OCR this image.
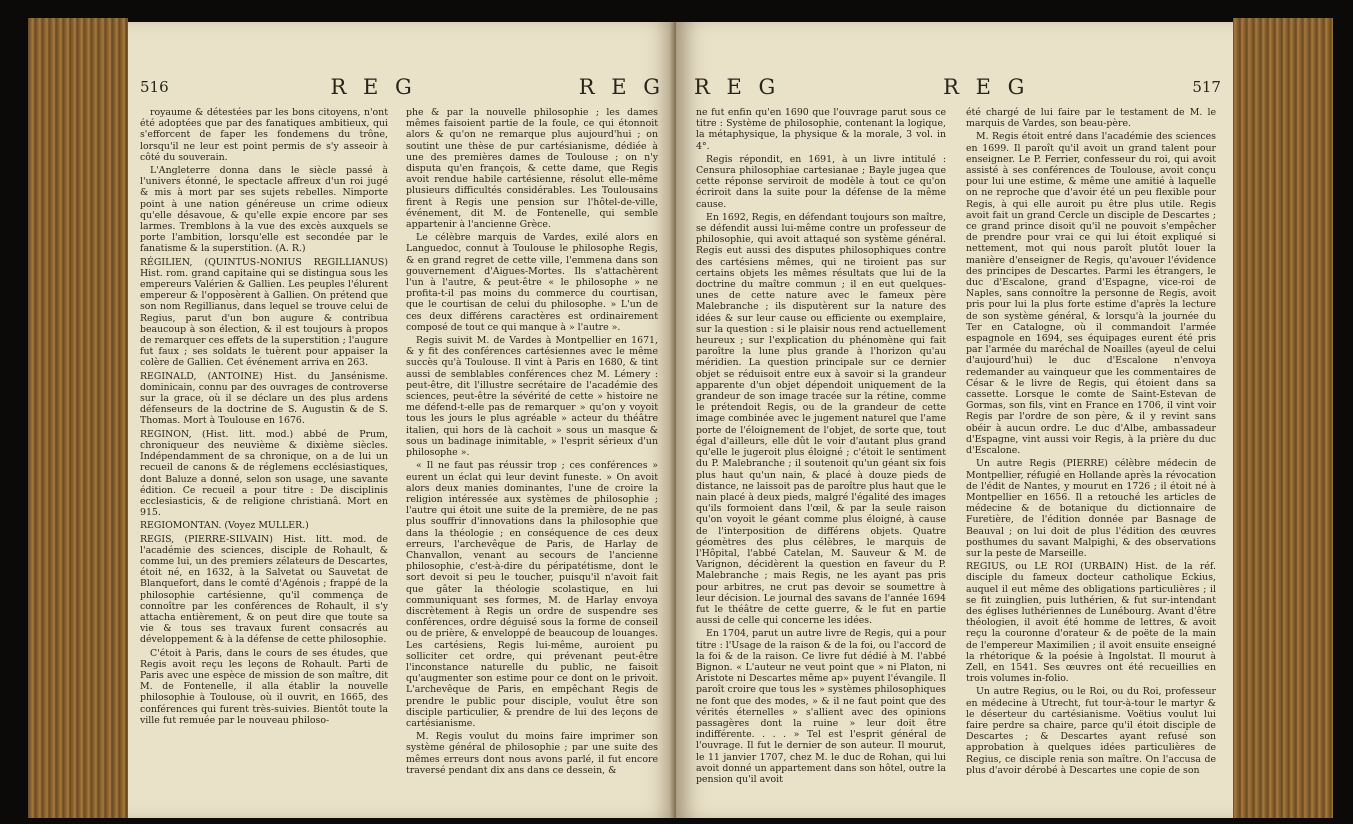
516	R E G	R E G

royaume & détestées par les bons citoyens, n'ont été adoptées que par des fanatiques ambitieux, qui s'efforcent de faper les fondemens du trône, lorsqu'il ne leur est point permis de s'y asseoir à côté du souverain.

L'Angleterre donna dans le siècle passé à l'univers étonné, le spectacle affreux d'un roi jugé & mis à mort par ses sujets rebelles. Nimporte point à une nation généreuse un crime odieux qu'elle désavoue, & qu'elle expie encore par ses larmes. Tremblons à la vue des excès auxquels se porte l'ambition, lorsqu'elle est secondée par le fanatisme & la superstition. (A. R.)

RÉGILIEN, (QUINTUS-NONIUS REGILLIANUS) Hist. rom. grand capitaine qui se distingua sous les empereurs Valérien & Gallien. Les peuples l'élurent empereur & l'opposèrent à Gallien. On prétend que son nom Regillianus, dans lequel se trouve celui de Regius, parut d'un bon augure & contribua beaucoup à son élection, & il est toujours à propos de remarquer ces effets de la superstition ; l'augure fut faux ; ses soldats le tuèrent pour appaiser la colère de Gallien. Cet événement arriva en 263.

REGINALD, (ANTOINE) Hist. du Jansénisme. dominicain, connu par des ouvrages de controverse sur la grace, où il se déclare un des plus ardens défenseurs de la doctrine de S. Augustin & de S. Thomas. Mort à Toulouse en 1676.

REGINON, (Hist. litt. mod.) abbé de Prum, chroniqueur des neuvième & dixième siècles. Indépendamment de sa chronique, on a de lui un recueil de canons & de réglemens ecclésiastiques, dont Baluze a donné, selon son usage, une savante édition. Ce recueil a pour titre : De disciplinis ecclesiasticis, & de religione christianâ. Mort en 915.

REGIOMONTAN. (Voyez MULLER.)

REGIS, (PIERRE-SILVAIN) Hist. litt. mod. de l'académie des sciences, disciple de Rohault, & comme lui, un des premiers zélateurs de Descartes, étoit né, en 1632, à la Salvetat ou Sauvetat de Blanquefort, dans le comté d'Agénois ; frappé de la philosophie cartésienne, qu'il commença de connoître par les conférences de Rohault, il s'y attacha entièrement, & on peut dire que toute sa vie & tous ses travaux furent consacrés au développement & à la défense de cette philosophie.

C'étoit à Paris, dans le cours de ses études, que Regis avoit reçu les leçons de Rohault. Parti de Paris avec une espèce de mission de son maître, dit M. de Fontenelle, il alla établir la nouvelle philosophie à Toulouse, où il ouvrit, en 1665, des conférences qui furent très-suivies. Bientôt toute la ville fut remuée par le nouveau philoso-

phe & par la nouvelle philosophie ; les dames mêmes faisoient partie de la foule, ce qui étonnoit alors & qu'on ne remarque plus aujourd'hui ; on soutint une thèse de pur cartésianisme, dédiée à une des premières dames de Toulouse ; on n'y disputa qu'en françois, & cette dame, que Regis avoit rendue habile cartésienne, résolut elle-même plusieurs difficultés considérables. Les Toulousains firent à Regis une pension sur l'hôtel-de-ville, événement, dit M. de Fontenelle, qui semble appartenir à l'ancienne Grèce.

Le célèbre marquis de Vardes, exilé alors en Languedoc, connut à Toulouse le philosophe Regis, & en grand regret de cette ville, l'emmena dans son gouvernement d'Aigues-Mortes. Ils s'attachèrent l'un à l'autre, & peut-être « le philosophe » ne profita-t-il pas moins du commerce du courtisan, que le courtisan de celui du philosophe. » L'un de ces deux différens caractères est ordinairement composé de tout ce qui manque à » l'autre ».

Regis suivit M. de Vardes à Montpellier en 1671, & y fit des conférences cartésiennes avec le même succès qu'à Toulouse. Il vint à Paris en 1680, & tint aussi de semblables conférences chez M. Lémery : peut-être, dit l'illustre secrétaire de l'académie des sciences, peut-être la sévérité de cette » histoire ne me défend-t-elle pas de remarquer » qu'on y voyoit tous les jours le plus agréable » acteur du théâtre italien, qui hors de là cachoit » sous un masque & sous un badinage inimitable, » l'esprit sérieux d'un philosophe ».

« Il ne faut pas réussir trop ; ces conférences » eurent un éclat qui leur devint funeste. » On avoit alors deux manies dominantes, l'une de croire la religion intéressée aux systèmes de philosophie ; l'autre qui étoit une suite de la première, de ne pas plus souffrir d'innovations dans la philosophie que dans la théologie ; en conséquence de ces deux erreurs, l'archevêque de Paris, de Harlay de Chanvallon, venant au secours de l'ancienne philosophie, c'est-à-dire du péripatétisme, dont le sort devoit si peu le toucher, puisqu'il n'avoit fait que gâter la théologie scolastique, en lui communiquant ses formes, M. de Harlay envoya discrètement à Regis un ordre de suspendre ses conférences, ordre déguisé sous la forme de conseil ou de prière, & enveloppé de beaucoup de louanges. Les cartésiens, Regis lui-même, auroient pu solliciter cet ordre, qui prévenant peut-être l'inconstance naturelle du public, ne faisoit qu'augmenter son estime pour ce dont on le privoit. L'archevêque de Paris, en empêchant Regis de prendre le public pour disciple, voulut être son disciple particulier, & prendre de lui des leçons de cartésianisme.

M. Regis voulut du moins faire imprimer son système général de philosophie ; par une suite des mêmes erreurs dont nous avons parlé, il fut encore traversé pendant dix ans dans ce dessein, &

R E G	R E G	517

ne fut enfin qu'en 1690 que l'ouvrage parut sous ce titre : Système de philosophie, contenant la logique, la métaphysique, la physique & la morale, 3 vol. in 4°.

Regis répondit, en 1691, à un livre intitulé : Censura philosophiae cartesianae ; Bayle jugea que cette réponse serviroit de modèle à tout ce qu'on écriroit dans la suite pour la défense de la même cause.

En 1692, Regis, en défendant toujours son maître, se défendit aussi lui-même contre un professeur de philosophie, qui avoit attaqué son système général. Regis eut aussi des disputes philosophiques contre des cartésiens mêmes, qui ne tiroient pas sur certains objets les mêmes résultats que lui de la doctrine du maître commun ; il en eut quelques-unes de cette nature avec le fameux père Malebranche ; ils disputèrent sur la nature des idées & sur leur cause ou efficiente ou exemplaire, sur la question : si le plaisir nous rend actuellement heureux ; sur l'explication du phénomène qui fait paroître la lune plus grande à l'horizon qu'au méridien. La question principale sur ce dernier objet se réduisoit entre eux à savoir si la grandeur apparente d'un objet dépendoit uniquement de la grandeur de son image tracée sur la rétine, comme le prétendoit Regis, ou de la grandeur de cette image combinée avec le jugement naturel que l'ame porte de l'éloignement de l'objet, de sorte que, tout égal d'ailleurs, elle dût le voir d'autant plus grand qu'elle le jugeroit plus éloigné ; c'étoit le sentiment du P. Malebranche ; il soutenoit qu'un géant six fois plus haut qu'un nain, & placé à douze pieds de distance, ne laissoit pas de paroître plus haut que le nain placé à deux pieds, malgré l'égalité des images qu'ils formoient dans l'œil, & par la seule raison qu'on voyoit le géant comme plus éloigné, à cause de l'interposition de différens objets. Quatre géomètres des plus célèbres, le marquis de l'Hôpital, l'abbé Catelan, M. Sauveur & M. de Varignon, décidèrent la question en faveur du P. Malebranche ; mais Regis, ne les ayant pas pris pour arbitres, ne crut pas devoir se soumettre à leur décision. Le journal des savans de l'année 1694 fut le théâtre de cette guerre, & le fut en partie aussi de celle qui concerne les idées.

En 1704, parut un autre livre de Regis, qui a pour titre : l'Usage de la raison & de la foi, ou l'accord de la foi & de la raison. Ce livre fut dédié à M. l'abbé Bignon. « L'auteur ne veut point que » ni Platon, ni Aristote ni Descartes même ap» puyent l'évangile. Il paroît croire que tous les » systèmes philosophiques ne font que des modes, » & il ne faut point que des vérités éternelles » s'allient avec des opinions passagères dont la ruine » leur doit être indifférente. . . . » Tel est l'esprit général de l'ouvrage. Il fut le dernier de son auteur. Il mourut, le 11 janvier 1707, chez M. le duc de Rohan, qui lui avoit donné un appartement dans son hôtel, outre la pension qu'il avoit

été chargé de lui faire par le testament de M. le marquis de Vardes, son beau-père.

M. Regis étoit entré dans l'académie des sciences en 1699. Il paroît qu'il avoit un grand talent pour enseigner. Le P. Ferrier, confesseur du roi, qui avoit assisté à ses conférences de Toulouse, avoit conçu pour lui une estime, & même une amitié à laquelle on ne reproche que d'avoir été un peu flexible pour Regis, à qui elle auroit pu être plus utile. Regis avoit fait un grand Cercle un disciple de Descartes ; ce grand prince disoit qu'il ne pouvoit s'empêcher de prendre pour vrai ce qui lui étoit expliqué si nettement, mot qui nous paroît plutôt louer la manière d'enseigner de Regis, qu'avouer l'évidence des principes de Descartes. Parmi les étrangers, le duc d'Escalone, grand d'Espagne, vice-roi de Naples, sans connoître la personne de Regis, avoit pris pour lui la plus forte estime d'après la lecture de son système général, & lorsqu'à la journée du Ter en Catalogne, où il commandoit l'armée espagnole en 1694, ses équipages eurent été pris par l'armée du maréchal de Noailles (ayeul de celui d'aujourd'hui) le duc d'Escalone n'envoya redemander au vainqueur que les commentaires de César & le livre de Regis, qui étoient dans sa cassette. Lorsque le comte de Saint-Estevan de Gormas, son fils, vint en France en 1706, il vint voir Regis par l'ordre de son père, & il y revint sans obéir à aucun ordre. Le duc d'Albe, ambassadeur d'Espagne, vint aussi voir Regis, à la prière du duc d'Escalone.

Un autre Regis (PIERRE) célèbre médecin de Montpellier, réfugié en Hollande après la révocation de l'édit de Nantes, y mourut en 1726 ; il étoit né à Montpellier en 1656. Il a retouché les articles de médecine & de botanique du dictionnaire de Furetière, de l'édition donnée par Basnage de Beauval ; on lui doit de plus l'édition des œuvres posthumes du savant Malpighi, & des observations sur la peste de Marseille.

REGIUS, ou LE ROI (URBAIN) Hist. de la réf. disciple du fameux docteur catholique Eckius, auquel il eut même des obligations particulières ; il se fit zuinglien, puis luthérien, & fut sur-intendant des églises luthériennes de Lunébourg. Avant d'être théologien, il avoit été homme de lettres, & avoit reçu la couronne d'orateur & de poëte de la main de l'empereur Maximilien ; il avoit ensuite enseigné la rhétorique & la poésie à Ingolstat. Il mourut à Zell, en 1541. Ses œuvres ont été recueillies en trois volumes in-folio.

Un autre Regius, ou le Roi, ou du Roi, professeur en médecine à Utrecht, fut tour-à-tour le martyr & le déserteur du cartésianisme. Voëtius voulut lui faire perdre sa chaire, parce qu'il étoit disciple de Descartes ; & Descartes ayant refusé son approbation à quelques idées particulières de Regius, ce disciple renia son maître. On l'accusa de plus d'avoir dérobé à Descartes une copie de son
